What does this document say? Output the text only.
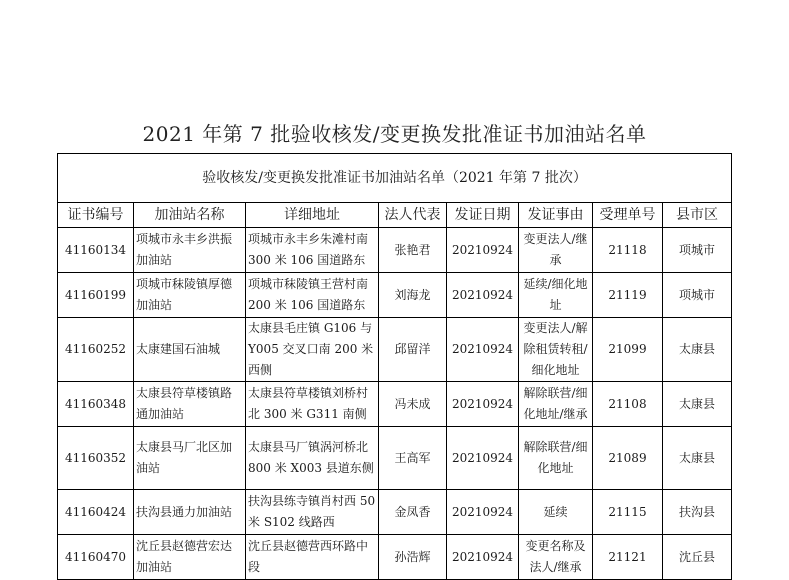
2021 年第 7 批验收核发/变更换发批准证书加油站名单
验收核发/变更换发批准证书加油站名单（2021 年第 7 批次）							
证书编号	加油站名称	详细地址	法人代表	发证日期	发证事由	受理单号	县市区
41160134	项城市永丰乡洪振加油站	项城市永丰乡朱滩村南 300 米 106 国道路东	张艳君	20210924	变更法人/继承	21118	项城市
41160199	项城市秣陵镇厚德加油站	项城市秣陵镇王营村南 200 米 106 国道路东	刘海龙	20210924	延续/细化地址	21119	项城市
41160252	太康建国石油城	太康县毛庄镇 G106 与 Y005 交叉口南 200 米西侧	邱留洋	20210924	变更法人/解除租赁转租/细化地址	21099	太康县
41160348	太康县符草楼镇路通加油站	太康县符草楼镇刘桥村北 300 米 G311 南侧	冯未成	20210924	解除联营/细化地址/继承	21108	太康县
41160352	太康县马厂北区加油站	太康县马厂镇涡河桥北 800 米 X003 县道东侧	王高军	20210924	解除联营/细化地址	21089	太康县
41160424	扶沟县通力加油站	扶沟县练寺镇肖村西 50 米 S102 线路西	金凤香	20210924	延续	21115	扶沟县
41160470	沈丘县赵德营宏达加油站	沈丘县赵德营西环路中段	孙浩辉	20210924	变更名称及法人/继承	21121	沈丘县
